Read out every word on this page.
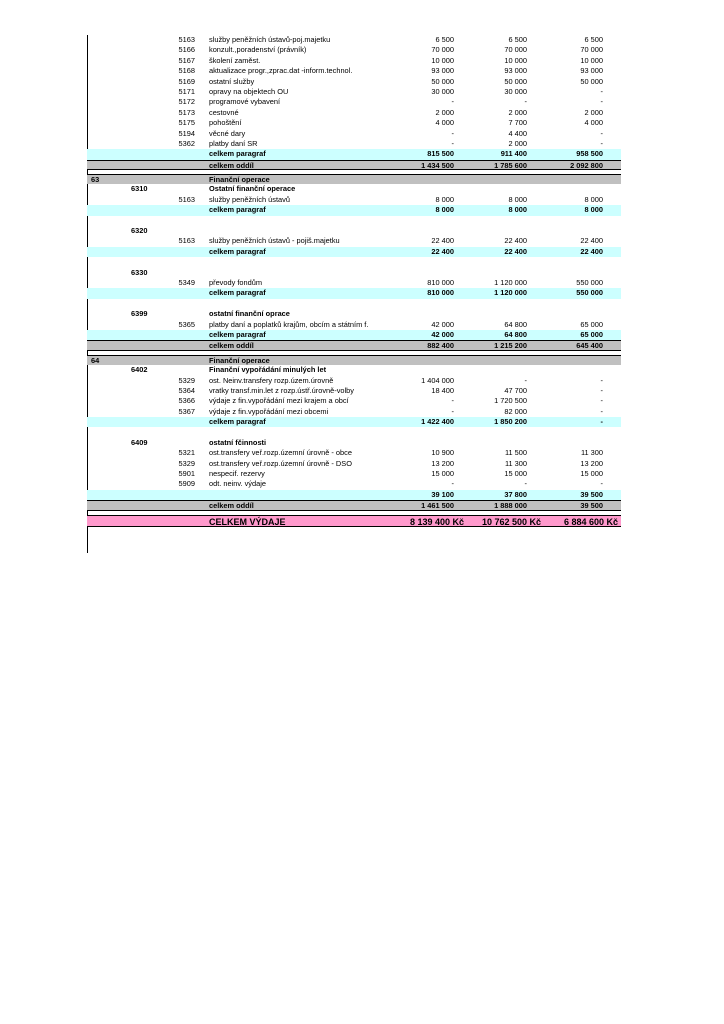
5163 služby peněžních ústavů-poj.majetku	6 500	6 500	6 500
5166 konzult.,poradenství (právník)	70 000	70 000	70 000
5167 školení zaměst.	10 000	10 000	10 000
5168 aktualizace progr.,zprac.dat -inform.technol.	93 000	93 000	93 000
5169 ostatní služby	50 000	50 000	50 000
5171 opravy na objektech OU	30 000	30 000	-
5172 programové vybavení	-	-	-
5173 cestovné	2 000	2 000	2 000
5175 pohoštění	4 000	7 700	4 000
5194 věcné dary	-	4 400	-
5362 platby daní SR	-	2 000	-
celkem paragraf	815 500	911 400	958 500
celkem oddíl	1 434 500	1 785 600	2 092 800
63	Finanční operace
6310	Ostatní finanční operace
5163 služby peněžních ústavů	8 000	8 000	8 000
celkem paragraf	8 000	8 000	8 000
6320
5163 služby peněžních ústavů - pojiš.majetku	22 400	22 400	22 400
celkem paragraf	22 400	22 400	22 400
6330
5349 převody fondům	810 000	1 120 000	550 000
celkem paragraf	810 000	1 120 000	550 000
6399	ostatní finanční oprace
5365 platby daní a poplatků krajům, obcím a státním f.	42 000	64 800	65 000
celkem paragraf	42 000	64 800	65 000
celkem oddíl	882 400	1 215 200	645 400
64	Finanční operace
6402	Finanční vypořádání minulých let
5329 ost. Neinv.transfery rozp.územ.úrovně	1 404 000	-	-
5364 vratky transf.min.let z rozp.ústř.úrovně-volby	18 400	47 700	-
5366 výdaje z fin.vypořádání mezi krajem a obcí	-	1 720 500	-
5367 výdaje z fin.vypořádání mezi obcemi	-	82 000	-
celkem paragraf	1 422 400	1 850 200	-
6409	ostatní fčinnosti
5321 ost.transfery veř.rozp.územní úrovně - obce	10 900	11 500	11 300
5329 ost.transfery veř.rozp.územní úrovně - DSO	13 200	11 300	13 200
5901 nespecif. rezervy	15 000	15 000	15 000
5909 odt. neinv. výdaje	-	-	-
39 100	37 800	39 500
celkem oddíl	1 461 500	1 888 000	39 500
CELKEM VÝDAJE	8 139 400 Kč 10 762 500 Kč	6 884 600 Kč
